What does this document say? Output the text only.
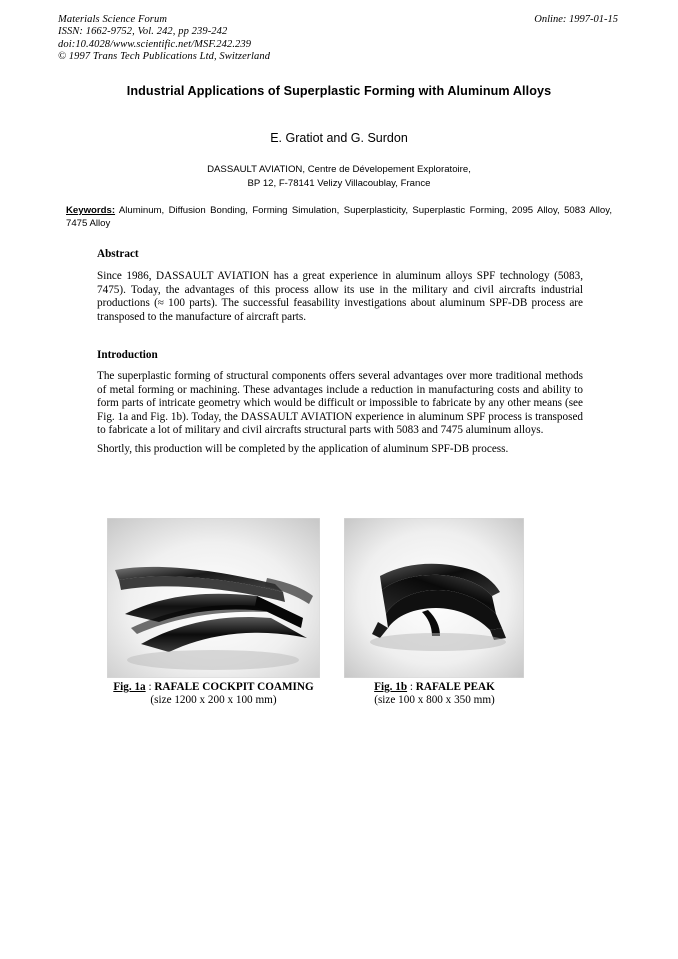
Materials Science Forum
ISSN: 1662-9752, Vol. 242, pp 239-242
doi:10.4028/www.scientific.net/MSF.242.239
© 1997 Trans Tech Publications Ltd, Switzerland
Online: 1997-01-15
Industrial Applications of Superplastic Forming with Aluminum Alloys
E. Gratiot and G. Surdon
DASSAULT AVIATION, Centre de Dévelopement Exploratoire,
BP 12, F-78141 Velizy Villacoublay, France
Keywords: Aluminum, Diffusion Bonding, Forming Simulation, Superplasticity, Superplastic Forming, 2095 Alloy, 5083 Alloy, 7475 Alloy
Abstract
Since 1986, DASSAULT AVIATION has a great experience in aluminum alloys SPF technology (5083, 7475). Today, the advantages of this process allow its use in the military and civil aircrafts industrial productions (≈ 100 parts). The successful feasability investigations about aluminum SPF-DB process are transposed to the manufacture of aircraft parts.
Introduction
The superplastic forming of structural components offers several advantages over more traditional methods of metal forming or machining. These advantages include a reduction in manufacturing costs and ability to form parts of intricate geometry which would be difficult or impossible to fabricate by any other means (see Fig. 1a and Fig. 1b). Today, the DASSAULT AVIATION experience in aluminum SPF process is transposed to fabricate a lot of military and civil aircrafts structural parts with 5083 and 7475 aluminum alloys.
Shortly, this production will be completed by the application of aluminum SPF-DB process.
Fig. 1a : RAFALE COCKPIT COAMING
(size 1200 x 200 x 100 mm)
Fig. 1b : RAFALE PEAK
(size 100 x 800 x 350 mm)
